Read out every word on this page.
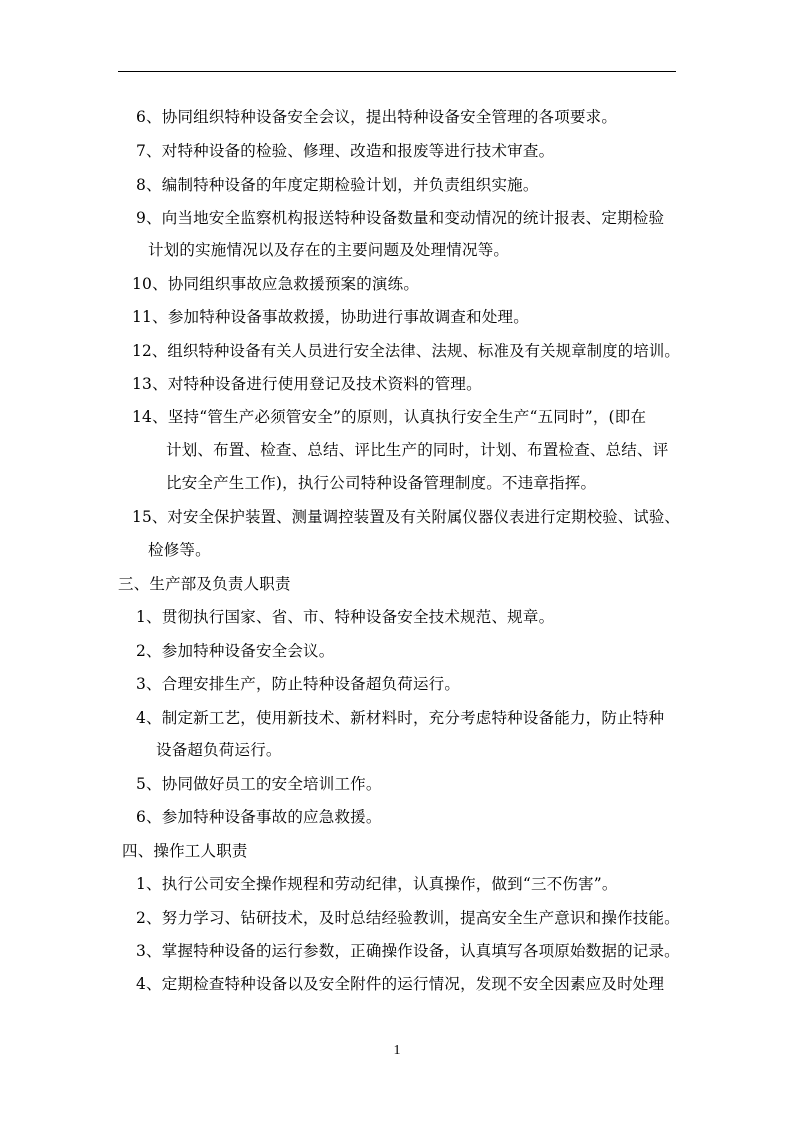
6、协同组织特种设备安全会议，提出特种设备安全管理的各项要求。
7、对特种设备的检验、修理、改造和报废等进行技术审查。
8、编制特种设备的年度定期检验计划，并负责组织实施。
9、向当地安全监察机构报送特种设备数量和变动情况的统计报表、定期检验
计划的实施情况以及存在的主要问题及处理情况等。
10、协同组织事故应急救援预案的演练。
11、参加特种设备事故救援，协助进行事故调查和处理。
12、组织特种设备有关人员进行安全法律、法规、标准及有关规章制度的培训。
13、对特种设备进行使用登记及技术资料的管理。
14、坚持“管生产必须管安全”的原则，认真执行安全生产“五同时”，(即在
计划、布置、检查、总结、评比生产的同时，计划、布置检查、总结、评
比安全产生工作)，执行公司特种设备管理制度。不违章指挥。
15、对安全保护装置、测量调控装置及有关附属仪器仪表进行定期校验、试验、
检修等。
三、生产部及负责人职责
1、贯彻执行国家、省、市、特种设备安全技术规范、规章。
2、参加特种设备安全会议。
3、合理安排生产，防止特种设备超负荷运行。
4、制定新工艺，使用新技术、新材料时，充分考虑特种设备能力，防止特种
设备超负荷运行。
5、协同做好员工的安全培训工作。
6、参加特种设备事故的应急救援。
四、操作工人职责
1、执行公司安全操作规程和劳动纪律，认真操作，做到“三不伤害”。
2、努力学习、钻研技术，及时总结经验教训，提高安全生产意识和操作技能。
3、掌握特种设备的运行参数，正确操作设备，认真填写各项原始数据的记录。
4、定期检查特种设备以及安全附件的运行情况，发现不安全因素应及时处理
1
